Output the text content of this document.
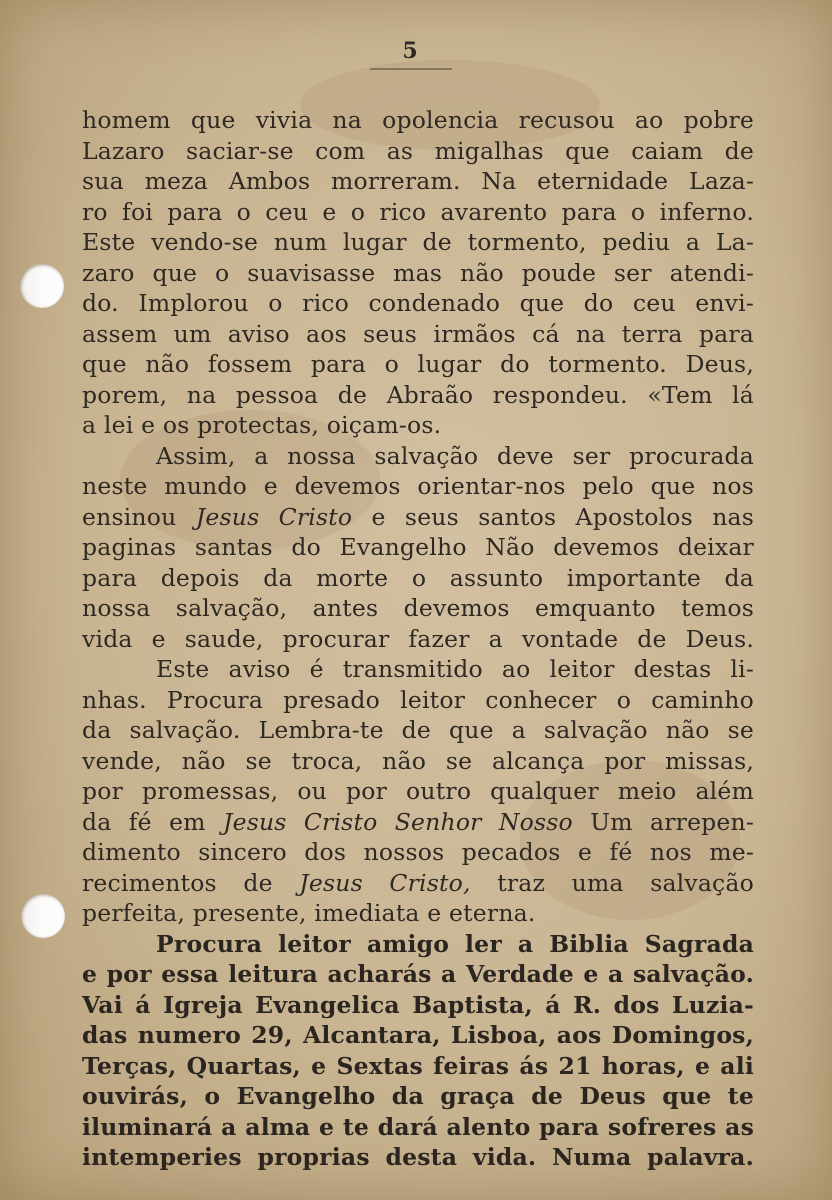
5
homem que vivia na opolencia recusou ao pobre
Lazaro saciar-se com as migalhas que caiam de
sua meza Ambos morreram. Na eternidade Laza-
ro foi para o ceu e o rico avarento para o inferno.
Este vendo-se num lugar de tormento, pediu a La-
zaro que o suavisasse mas não poude ser atendi-
do. Implorou o rico condenado que do ceu envi-
assem um aviso aos seus irmãos cá na terra para
que não fossem para o lugar do tormento. Deus,
porem, na pessoa de Abraão respondeu. «Tem lá
a lei e os protectas, oiçam-os.
Assim, a nossa salvação deve ser procurada
neste mundo e devemos orientar-nos pelo que nos
ensinou Jesus Cristo e seus santos Apostolos nas
paginas santas do Evangelho Não devemos deixar
para depois da morte o assunto importante da
nossa salvação, antes devemos emquanto temos
vida e saude, procurar fazer a vontade de Deus.
Este aviso é transmitido ao leitor destas li-
nhas. Procura presado leitor conhecer o caminho
da salvação. Lembra-te de que a salvação não se
vende, não se troca, não se alcança por missas,
por promessas, ou por outro qualquer meio além
da fé em Jesus Cristo Senhor Nosso Um arrepen-
dimento sincero dos nossos pecados e fé nos me-
recimentos de Jesus Cristo, traz uma salvação
perfeita, presente, imediata e eterna.
Procura leitor amigo ler a Biblia Sagrada
e por essa leitura acharás a Verdade e a salvação.
Vai á Igreja Evangelica Baptista, á R. dos Luzia-
das numero 29, Alcantara, Lisboa, aos Domingos,
Terças, Quartas, e Sextas feiras ás 21 horas, e ali
ouvirás, o Evangelho da graça de Deus que te
iluminará a alma e te dará alento para sofreres as
intemperies proprias desta vida. Numa palavra.
